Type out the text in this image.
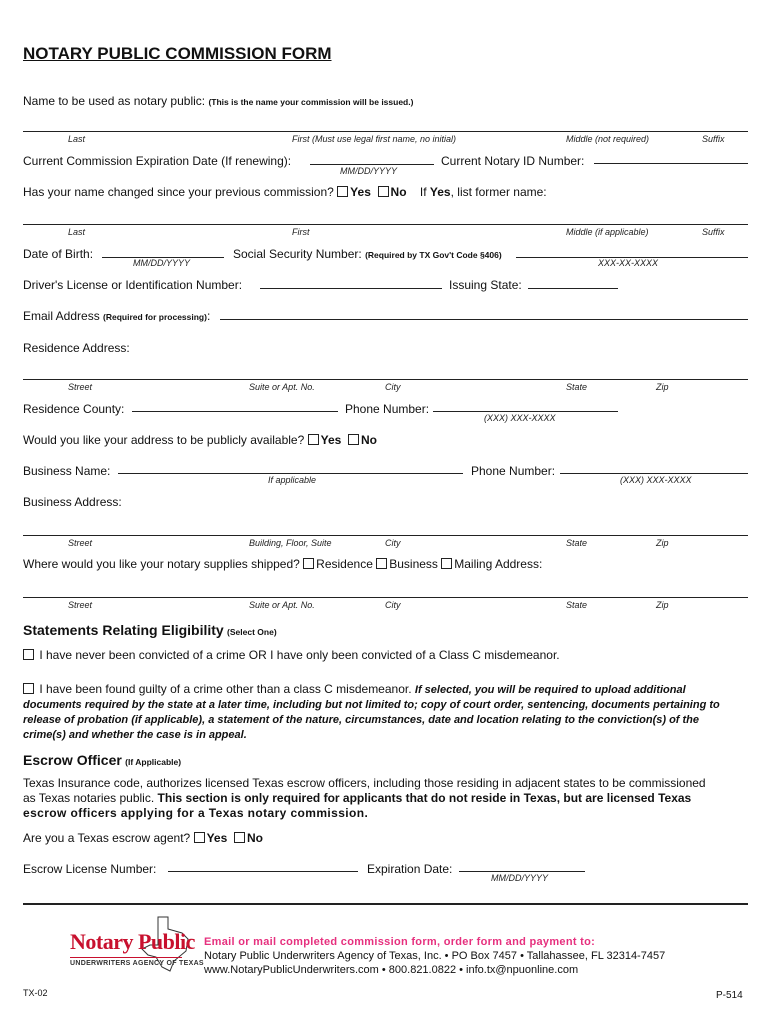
NOTARY PUBLIC COMMISSION FORM
Name to be used as notary public: (This is the name your commission will be issued.)
Last	First (Must use legal first name, no initial)	Middle (not required)	Suffix
Current Commission Expiration Date (If renewing):
MM/DD/YYYY
Current Notary ID Number:
Has your name changed since your previous commission? Yes No If Yes, list former name:
Last	First	Middle (if applicable)	Suffix
Date of Birth:
MM/DD/YYYY
Social Security Number: (Required by TX Gov't Code §406)
XXX-XX-XXXX
Driver's License or Identification Number:	Issuing State:
Email Address (Required for processing):
Residence Address:
Street	Suite or Apt. No.	City	State	Zip
Residence County:	Phone Number:
(XXX) XXX-XXXX
Would you like your address to be publicly available? Yes No
Business Name:
If applicable
Phone Number:
(XXX) XXX-XXXX
Business Address:
Street	Building, Floor, Suite	City	State	Zip
Where would you like your notary supplies shipped? Residence Business Mailing Address:
Street	Suite or Apt. No.	City	State	Zip
Statements Relating Eligibility (Select One)
I have never been convicted of a crime OR I have only been convicted of a Class C misdemeanor.
I have been found guilty of a crime other than a class C misdemeanor. If selected, you will be required to upload additional
documents required by the state at a later time, including but not limited to; copy of court order, sentencing, documents pertaining to
release of probation (if applicable), a statement of the nature, circumstances, date and location relating to the conviction(s) of the
crime(s) and whether the case is in appeal.
Escrow Officer (If Applicable)
Texas Insurance code, authorizes licensed Texas escrow officers, including those residing in adjacent states to be commissioned
as Texas notaries public. This section is only required for applicants that do not reside in Texas, but are licensed Texas
escrow officers applying for a Texas notary commission.
Are you a Texas escrow agent? Yes No
Escrow License Number:	Expiration Date:
MM/DD/YYYY
Notary Public
UNDERWRITERS AGENCY OF TEXAS
Email or mail completed commission form, order form and payment to:
Notary Public Underwriters Agency of Texas, Inc. • PO Box 7457 • Tallahassee, FL 32314-7457
www.NotaryPublicUnderwriters.com • 800.821.0822 • info.tx@npuonline.com
TX-02	P-514
